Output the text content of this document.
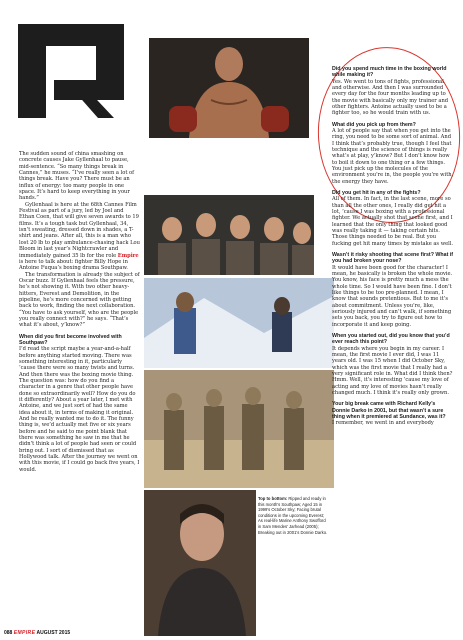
Top to bottom: Ripped and ready in this month's Southpaw; Aged 15 in 1999's October Sky; Facing brutal conditions in the upcoming Everest; As real-life Marine Anthony Swofford in Sam Mendes' Jarhead (2005); Breaking out in 2001's Donnie Darko.

The sudden sound of china smashing on concrete causes Jake Gyllenhaal to pause, mid-sentence. “So many things break in Cannes,” he muses. “I’ve really seen a lot of things break. Have you? There must be an influx of energy: too many people in one space. It’s hard to keep everything in your hands.”

Gyllenhaal is here at the 68th Cannes Film Festival as part of a jury, led by Joel and Ethan Coen, that will give seven awards to 19 films. It’s a tough task but Gyllenhaal, 34, isn’t sweating, dressed down in shades, a T-shirt and jeans. After all, this is a man who lost 20 lb to play ambulance-chasing hack Lou Bloom in last year’s Nightcrawler and immediately gained 35 lb for the role Empire is here to talk about: fighter Billy Hope in Antoine Fuqua’s boxing drama Southpaw.

The transformation is already the subject of Oscar buzz. If Gyllenhaal feels the pressure, he’s not showing it. With two other heavy-hitters, Everest and Demolition, in the pipeline, he’s more concerned with getting back to work, finding the next collaboration. “You have to ask yourself, who are the people you really connect with?” he says. “That’s what it’s about, y’know?”

When did you first become involved with Southpaw?

I’d read the script maybe a year-and-a-half before anything started moving. There was something interesting in it, particularly ’cause there were so many twists and turns. And then there was the boxing movie thing. The question was: how do you find a character in a genre that other people have done so extraordinarily well? How do you do it differently? About a year later, I met with Antoine, and we just sort of had the same idea about it, in terms of making it original. And he really wanted me to do it. The funny thing is, we’d actually met five or six years before and he said to me point blank that there was something he saw in me that he didn’t think a lot of people had seen or could bring out. I sort of dismissed that as Hollywood talk. After the journey we went on with this movie, if I could go back five years, I would.

Did you spend much time in the boxing world while making it?

Yes. We went to tons of fights, professional and otherwise. And then I was surrounded every day for the four months leading up to the movie with basically only my trainer and other fighters. Antoine actually used to be a fighter too, so he would train with us.

What did you pick up from them?

A lot of people say that when you get into the ring, you need to be some sort of animal. And I think that’s probably true, though I feel that technique and the science of things is really what’s at play, y’know? But I don’t know how to boil it down to one thing or a few things. You just pick up the molecules of the environment you’re in, the people you’re with, the energy they have.

Did you get hit in any of the fights?

All of them. In fact, in the last scene, more so than all the other ones, I really did get hit a lot, ’cause I was boxing with a professional fighter. We actually shot that scene first, and I learned that the only thing that looked good was really taking it — taking certain hits. Those things needed to be real. But you fucking get hit many times by mistake as well.

Wasn’t it risky shooting that scene first? What if you had broken your nose?

It would have been good for the character! I mean, he basically is broken the whole movie. You know, his face is pretty much a mess the whole time. So I would have been fine. I don’t like things to be too pre-planned. I mean, I know that sounds pretentious. But to me it’s about commitment. Unless you’re, like, seriously injured and can’t walk, if something sets you back, you try to figure out how to incorporate it and keep going.

When you started out, did you know that you’d ever reach this point?

It depends where you begin in my career. I mean, the first movie I ever did, I was 11 years old. I was 15 when I did October Sky, which was the first movie that I really had a very significant role in. What did I think then? Hmm. Well, it’s interesting ’cause my love of acting and my love of movies hasn’t really changed much. I think it’s really only grown.

Your big break came with Richard Kelly’s Donnie Darko in 2001, but that wasn’t a sure thing when it premiered at Sundance, was it?

I remember, we went in and everybody

088 EMPIRE AUGUST 2015
